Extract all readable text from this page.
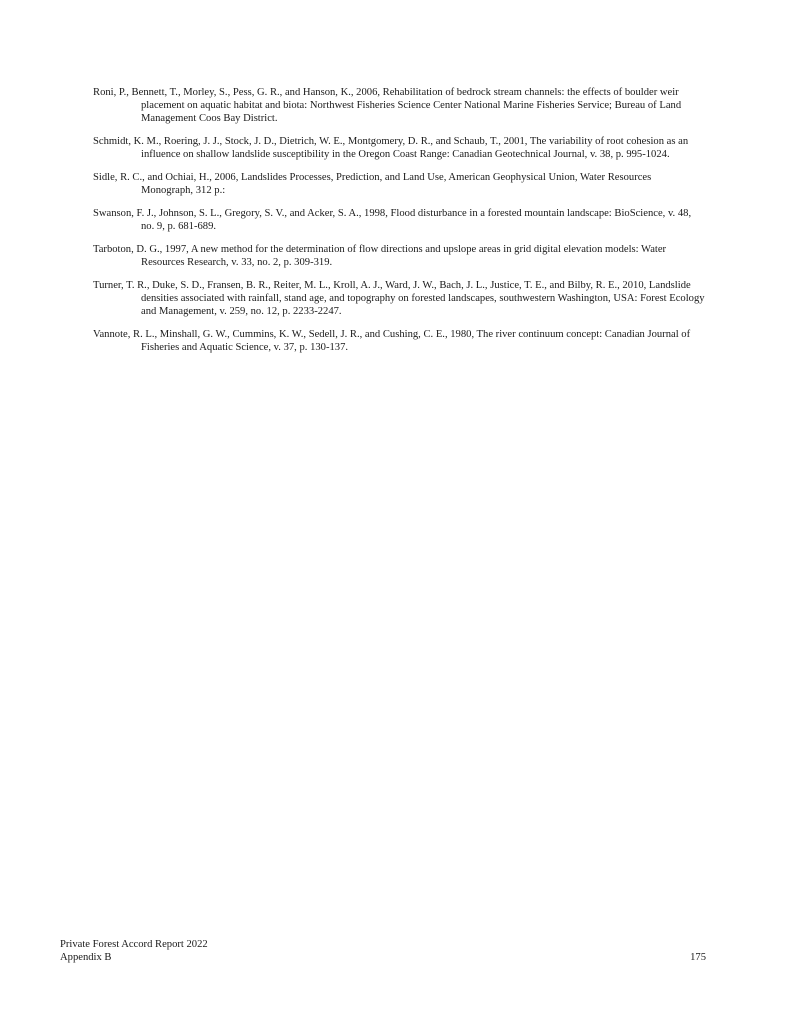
Roni, P., Bennett, T., Morley, S., Pess, G. R., and Hanson, K., 2006, Rehabilitation of bedrock stream channels: the effects of boulder weir placement on aquatic habitat and biota: Northwest Fisheries Science Center National Marine Fisheries Service; Bureau of Land Management Coos Bay District.

Schmidt, K. M., Roering, J. J., Stock, J. D., Dietrich, W. E., Montgomery, D. R., and Schaub, T., 2001, The variability of root cohesion as an influence on shallow landslide susceptibility in the Oregon Coast Range: Canadian Geotechnical Journal, v. 38, p. 995-1024.

Sidle, R. C., and Ochiai, H., 2006, Landslides Processes, Prediction, and Land Use, American Geophysical Union, Water Resources Monograph, 312 p.:

Swanson, F. J., Johnson, S. L., Gregory, S. V., and Acker, S. A., 1998, Flood disturbance in a forested mountain landscape: BioScience, v. 48, no. 9, p. 681-689.

Tarboton, D. G., 1997, A new method for the determination of flow directions and upslope areas in grid digital elevation models: Water Resources Research, v. 33, no. 2, p. 309-319.

Turner, T. R., Duke, S. D., Fransen, B. R., Reiter, M. L., Kroll, A. J., Ward, J. W., Bach, J. L., Justice, T. E., and Bilby, R. E., 2010, Landslide densities associated with rainfall, stand age, and topography on forested landscapes, southwestern Washington, USA: Forest Ecology and Management, v. 259, no. 12, p. 2233-2247.

Vannote, R. L., Minshall, G. W., Cummins, K. W., Sedell, J. R., and Cushing, C. E., 1980, The river continuum concept: Canadian Journal of Fisheries and Aquatic Science, v. 37, p. 130-137.

Private Forest Accord Report 2022
Appendix B	175
